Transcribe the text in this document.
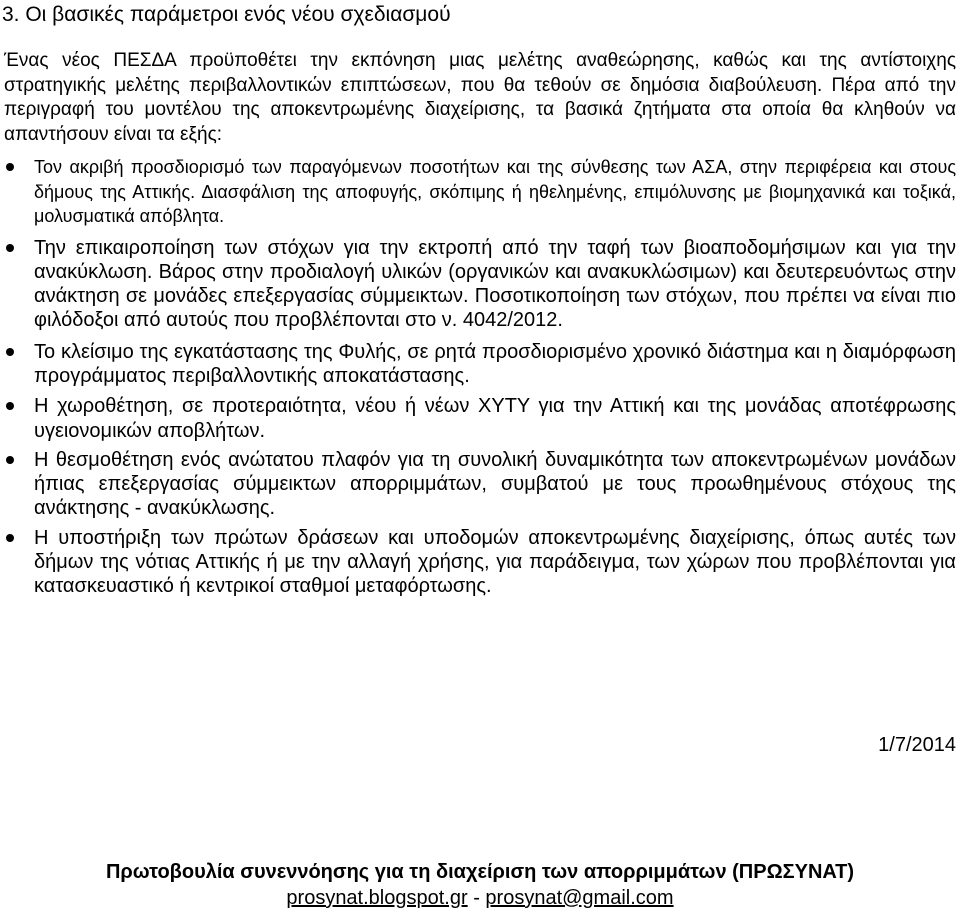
3. Οι βασικές παράμετροι ενός νέου σχεδιασμού
Ένας νέος ΠΕΣΔΑ προϋποθέτει την εκπόνηση μιας μελέτης αναθεώρησης, καθώς και της αντίστοιχης στρατηγικής μελέτης περιβαλλοντικών επιπτώσεων, που θα τεθούν σε δημόσια διαβούλευση. Πέρα από την περιγραφή του μοντέλου της αποκεντρωμένης διαχείρισης, τα βασικά ζητήματα στα οποία θα κληθούν να απαντήσουν είναι τα εξής:
Τον ακριβή προσδιορισμό των παραγόμενων ποσοτήτων και της σύνθεσης των ΑΣΑ, στην περιφέρεια και στους δήμους της Αττικής. Διασφάλιση της αποφυγής, σκόπιμης ή ηθελημένης, επιμόλυνσης με βιομηχανικά και τοξικά, μολυσματικά απόβλητα.
Την επικαιροποίηση των στόχων για την εκτροπή από την ταφή των βιοαποδομήσιμων και για την ανακύκλωση. Βάρος στην προδιαλογή υλικών (οργανικών και ανακυκλώσιμων) και δευτερευόντως στην ανάκτηση σε μονάδες επεξεργασίας σύμμεικτων. Ποσοτικοποίηση των στόχων, που πρέπει να είναι πιο φιλόδοξοι από αυτούς που προβλέπονται στο ν. 4042/2012.
Το κλείσιμο της εγκατάστασης της Φυλής, σε ρητά προσδιορισμένο χρονικό διάστημα και η διαμόρφωση προγράμματος περιβαλλοντικής αποκατάστασης.
Η χωροθέτηση, σε προτεραιότητα, νέου ή νέων ΧΥΤΥ για την Αττική και της μονάδας αποτέφρωσης υγειονομικών αποβλήτων.
Η θεσμοθέτηση ενός ανώτατου πλαφόν για τη συνολική δυναμικότητα των αποκεντρωμένων μονάδων ήπιας επεξεργασίας σύμμεικτων απορριμμάτων, συμβατού με τους προωθημένους στόχους της ανάκτησης - ανακύκλωσης.
Η υποστήριξη των πρώτων δράσεων και υποδομών αποκεντρωμένης διαχείρισης, όπως αυτές των δήμων της νότιας Αττικής ή με την αλλαγή χρήσης, για παράδειγμα, των χώρων που προβλέπονται για κατασκευαστικό ή κεντρικοί σταθμοί μεταφόρτωσης.
1/7/2014
Πρωτοβουλία συνεννόησης για τη διαχείριση των απορριμμάτων (ΠΡΩΣΥΝΑΤ)
prosynat.blogspot.gr - prosynat@gmail.com
